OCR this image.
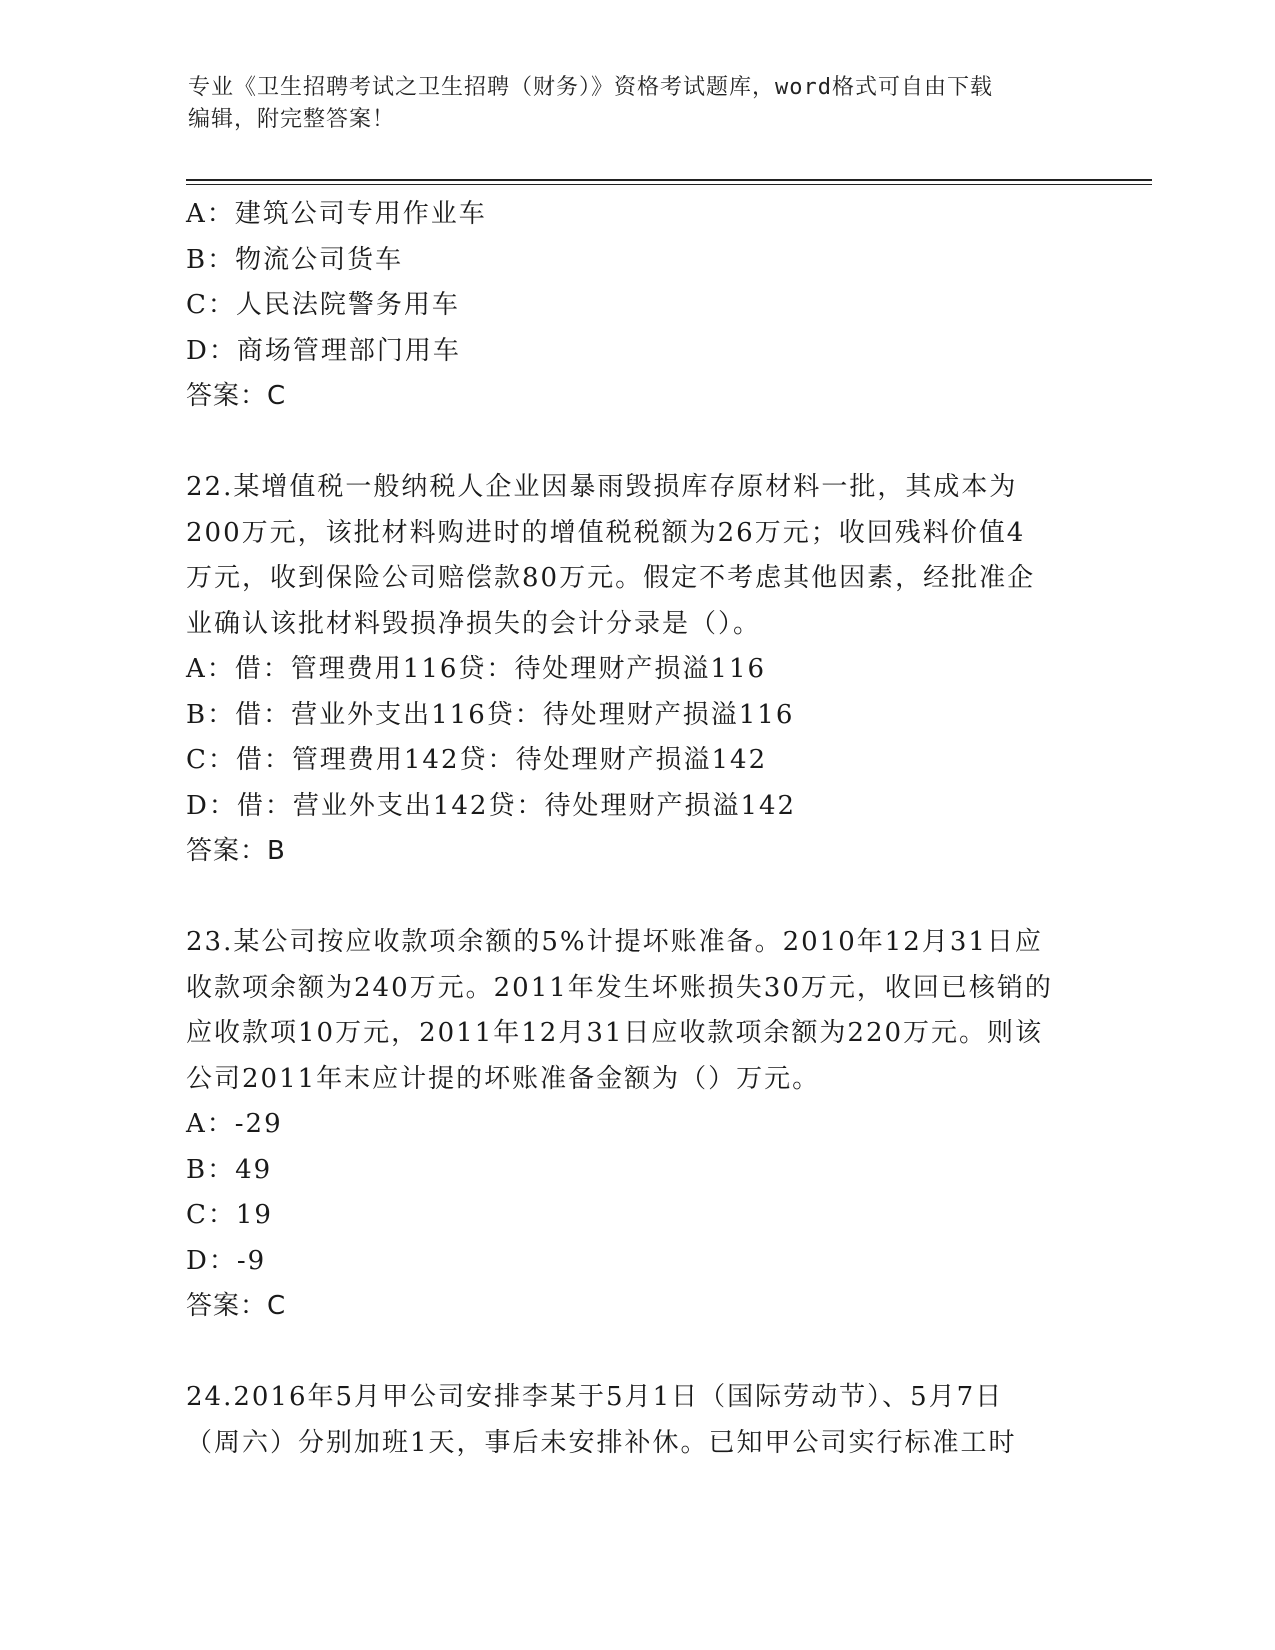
专业《卫生招聘考试之卫生招聘（财务）》资格考试题库，word格式可自由下载
编辑，附完整答案！
A：建筑公司专用作业车
B：物流公司货车
C：人民法院警务用车
D：商场管理部门用车
答案：C
22.某增值税一般纳税人企业因暴雨毁损库存原材料一批，其成本为
200万元，该批材料购进时的增值税税额为26万元；收回残料价值4
万元，收到保险公司赔偿款80万元。假定不考虑其他因素，经批准企
业确认该批材料毁损净损失的会计分录是（）。
A：借：管理费用116贷：待处理财产损溢116
B：借：营业外支出116贷：待处理财产损溢116
C：借：管理费用142贷：待处理财产损溢142
D：借：营业外支出142贷：待处理财产损溢142
答案：B
23.某公司按应收款项余额的5%计提坏账准备。2010年12月31日应
收款项余额为240万元。2011年发生坏账损失30万元，收回已核销的
应收款项10万元，2011年12月31日应收款项余额为220万元。则该
公司2011年末应计提的坏账准备金额为（）万元。
A：-29
B：49
C：19
D：-9
答案：C
24.2016年5月甲公司安排李某于5月1日（国际劳动节）、5月7日
（周六）分别加班1天，事后未安排补休。已知甲公司实行标准工时
